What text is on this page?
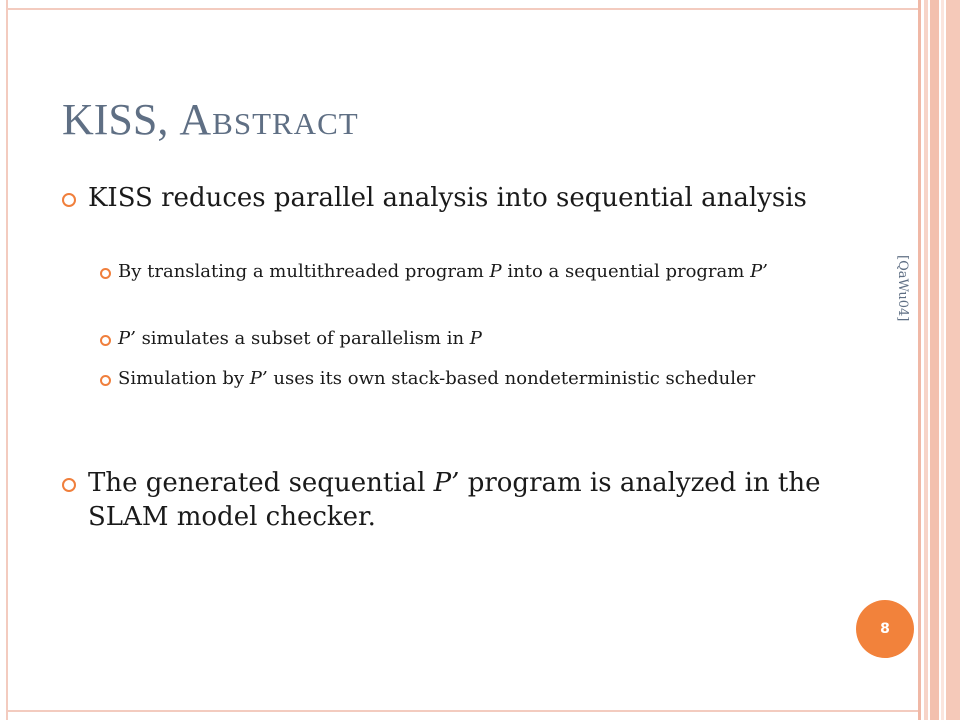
KISS, Abstract

KISS reduces parallel analysis into sequential analysis

By translating a multithreaded program P into a sequential program P’

P’ simulates a subset of parallelism in P

Simulation by P’ uses its own stack-based nondeterministic scheduler

The generated sequential P’ program is analyzed in the SLAM model checker.

[QaWu04]
8
